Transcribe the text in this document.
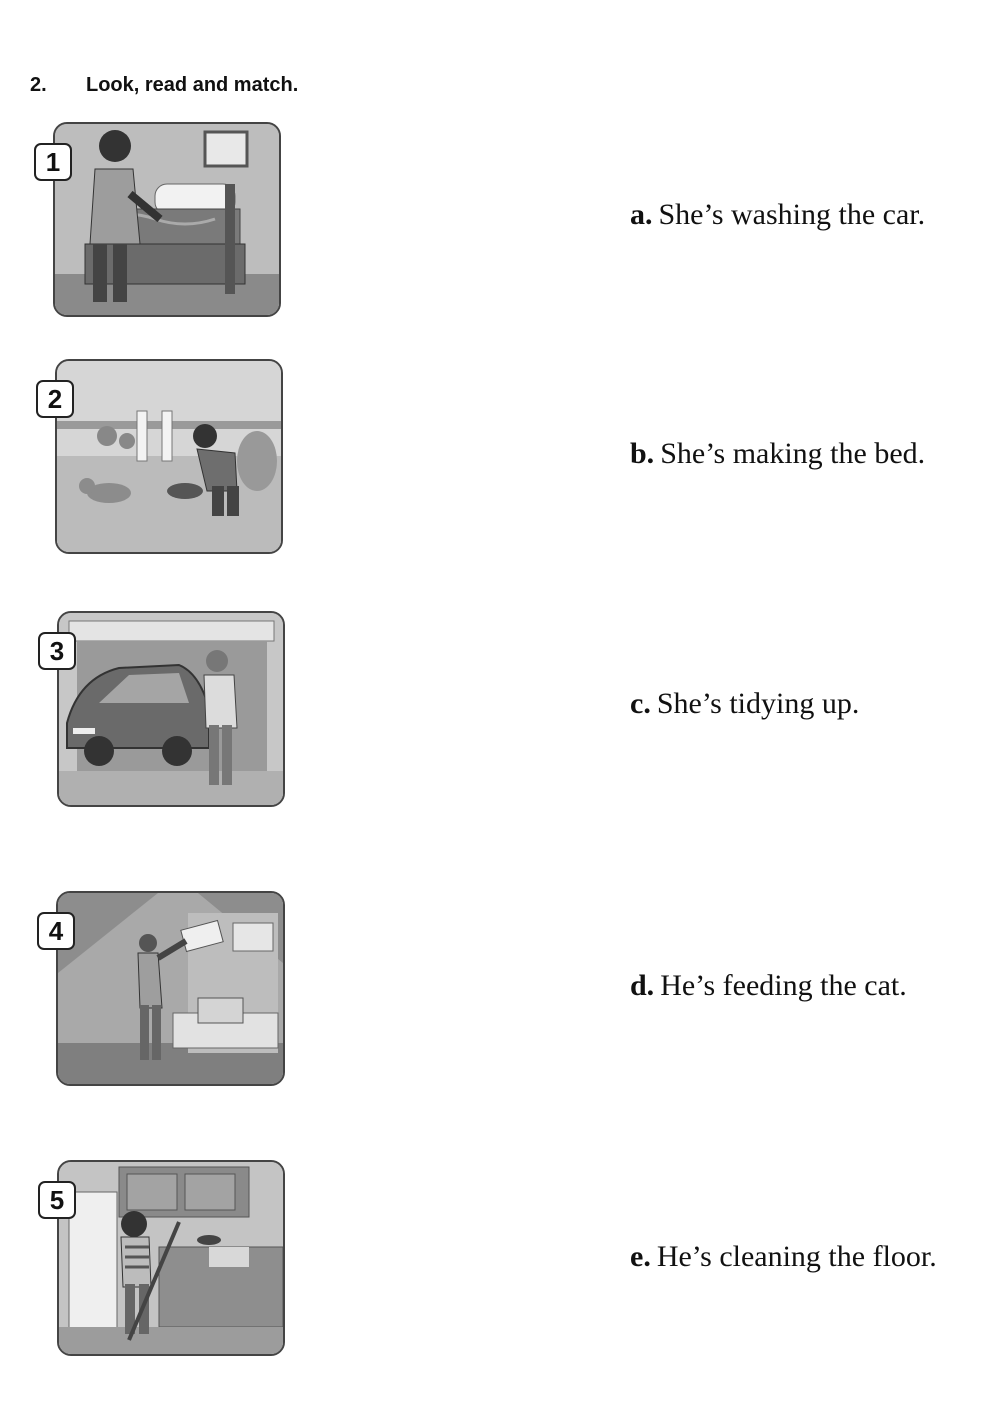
2. Look, read and match.
1
2
3
4
5
a. She’s washing the car.
b. She’s making the bed.
c. She’s tidying up.
d. He’s feeding the cat.
e. He’s cleaning the floor.
